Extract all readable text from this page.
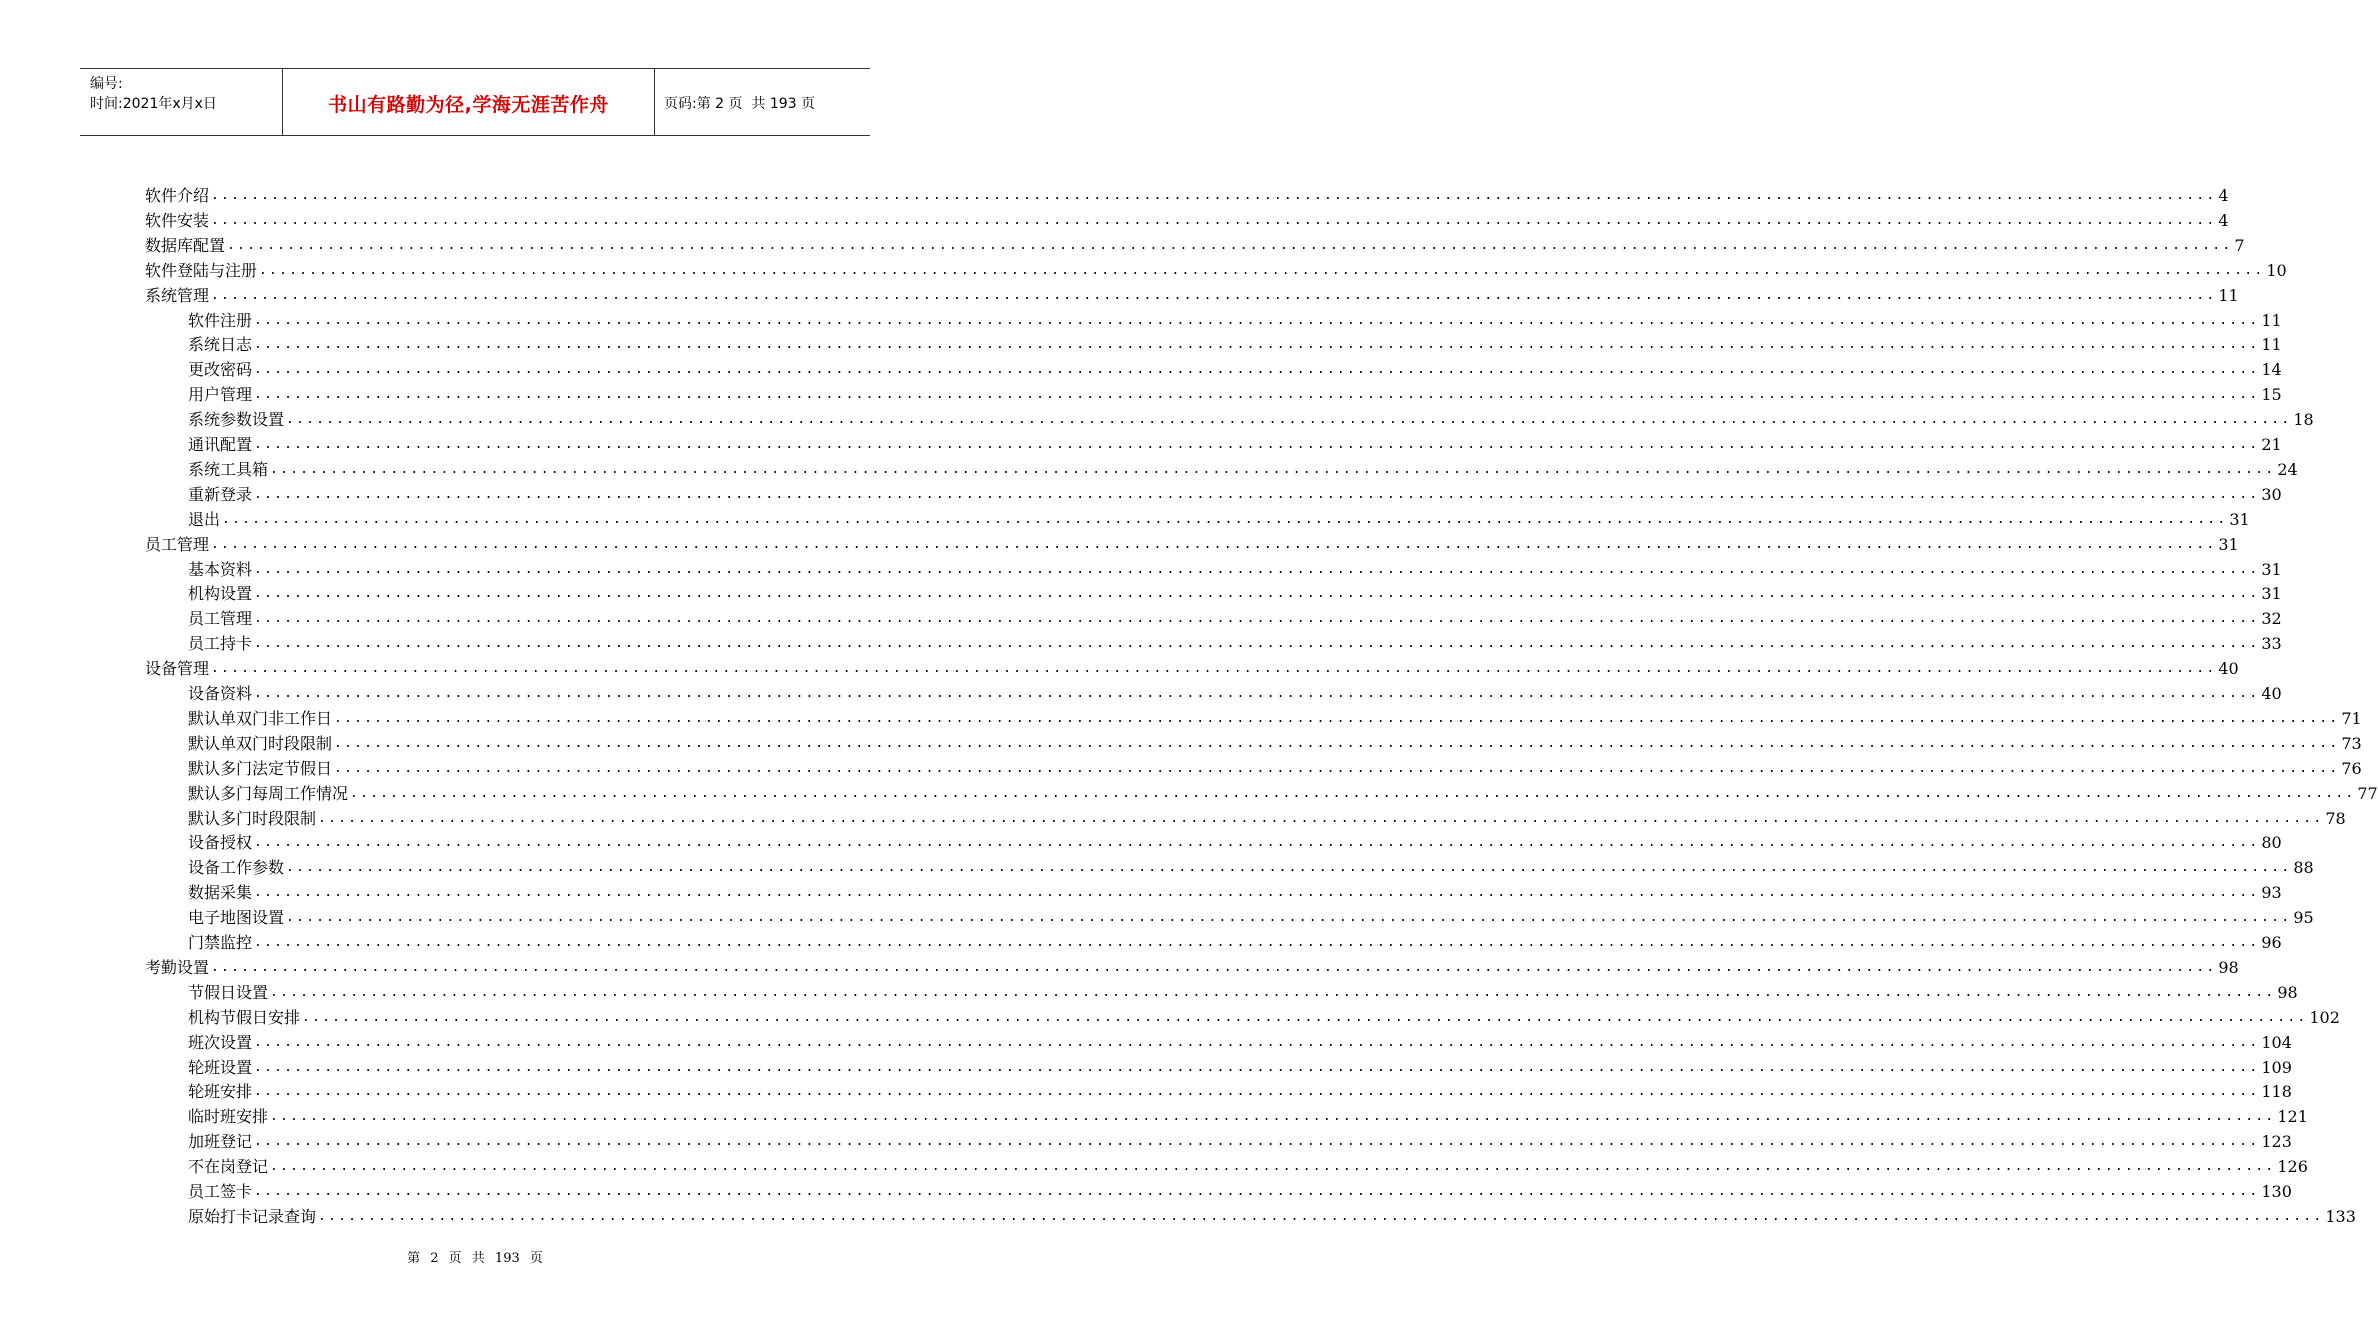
编号:
时间:2021年x月x日	书山有路勤为径,学海无涯苦作舟	页码:第 2 页  共 193 页
软件介绍 ........................................................................................................................................................................................................ 4
软件安装 ........................................................................................................................................................................................................ 4
数据库配置 ........................................................................................................................................................................................................ 7
软件登陆与注册 ........................................................................................................................................................................................................ 10
系统管理 ........................................................................................................................................................................................................ 11
软件注册 ........................................................................................................................................................................................................ 11
系统日志 ........................................................................................................................................................................................................ 11
更改密码 ........................................................................................................................................................................................................ 14
用户管理 ........................................................................................................................................................................................................ 15
系统参数设置 ........................................................................................................................................................................................................ 18
通讯配置 ........................................................................................................................................................................................................ 21
系统工具箱 ........................................................................................................................................................................................................ 24
重新登录 ........................................................................................................................................................................................................ 30
退出 ........................................................................................................................................................................................................ 31
员工管理 ........................................................................................................................................................................................................ 31
基本资料 ........................................................................................................................................................................................................ 31
机构设置 ........................................................................................................................................................................................................ 31
员工管理 ........................................................................................................................................................................................................ 32
员工持卡 ........................................................................................................................................................................................................ 33
设备管理 ........................................................................................................................................................................................................ 40
设备资料 ........................................................................................................................................................................................................ 40
默认单双门非工作日 ........................................................................................................................................................................................................ 71
默认单双门时段限制 ........................................................................................................................................................................................................ 73
默认多门法定节假日 ........................................................................................................................................................................................................ 76
默认多门每周工作情况 ........................................................................................................................................................................................................ 77
默认多门时段限制 ........................................................................................................................................................................................................ 78
设备授权 ........................................................................................................................................................................................................ 80
设备工作参数 ........................................................................................................................................................................................................ 88
数据采集 ........................................................................................................................................................................................................ 93
电子地图设置 ........................................................................................................................................................................................................ 95
门禁监控 ........................................................................................................................................................................................................ 96
考勤设置 ........................................................................................................................................................................................................ 98
节假日设置 ........................................................................................................................................................................................................ 98
机构节假日安排 ........................................................................................................................................................................................................ 102
班次设置 ........................................................................................................................................................................................................ 104
轮班设置 ........................................................................................................................................................................................................ 109
轮班安排 ........................................................................................................................................................................................................ 118
临时班安排 ........................................................................................................................................................................................................ 121
加班登记 ........................................................................................................................................................................................................ 123
不在岗登记 ........................................................................................................................................................................................................ 126
员工签卡 ........................................................................................................................................................................................................ 130
原始打卡记录查询 ........................................................................................................................................................................................................ 133
第 2 页 共 193 页
